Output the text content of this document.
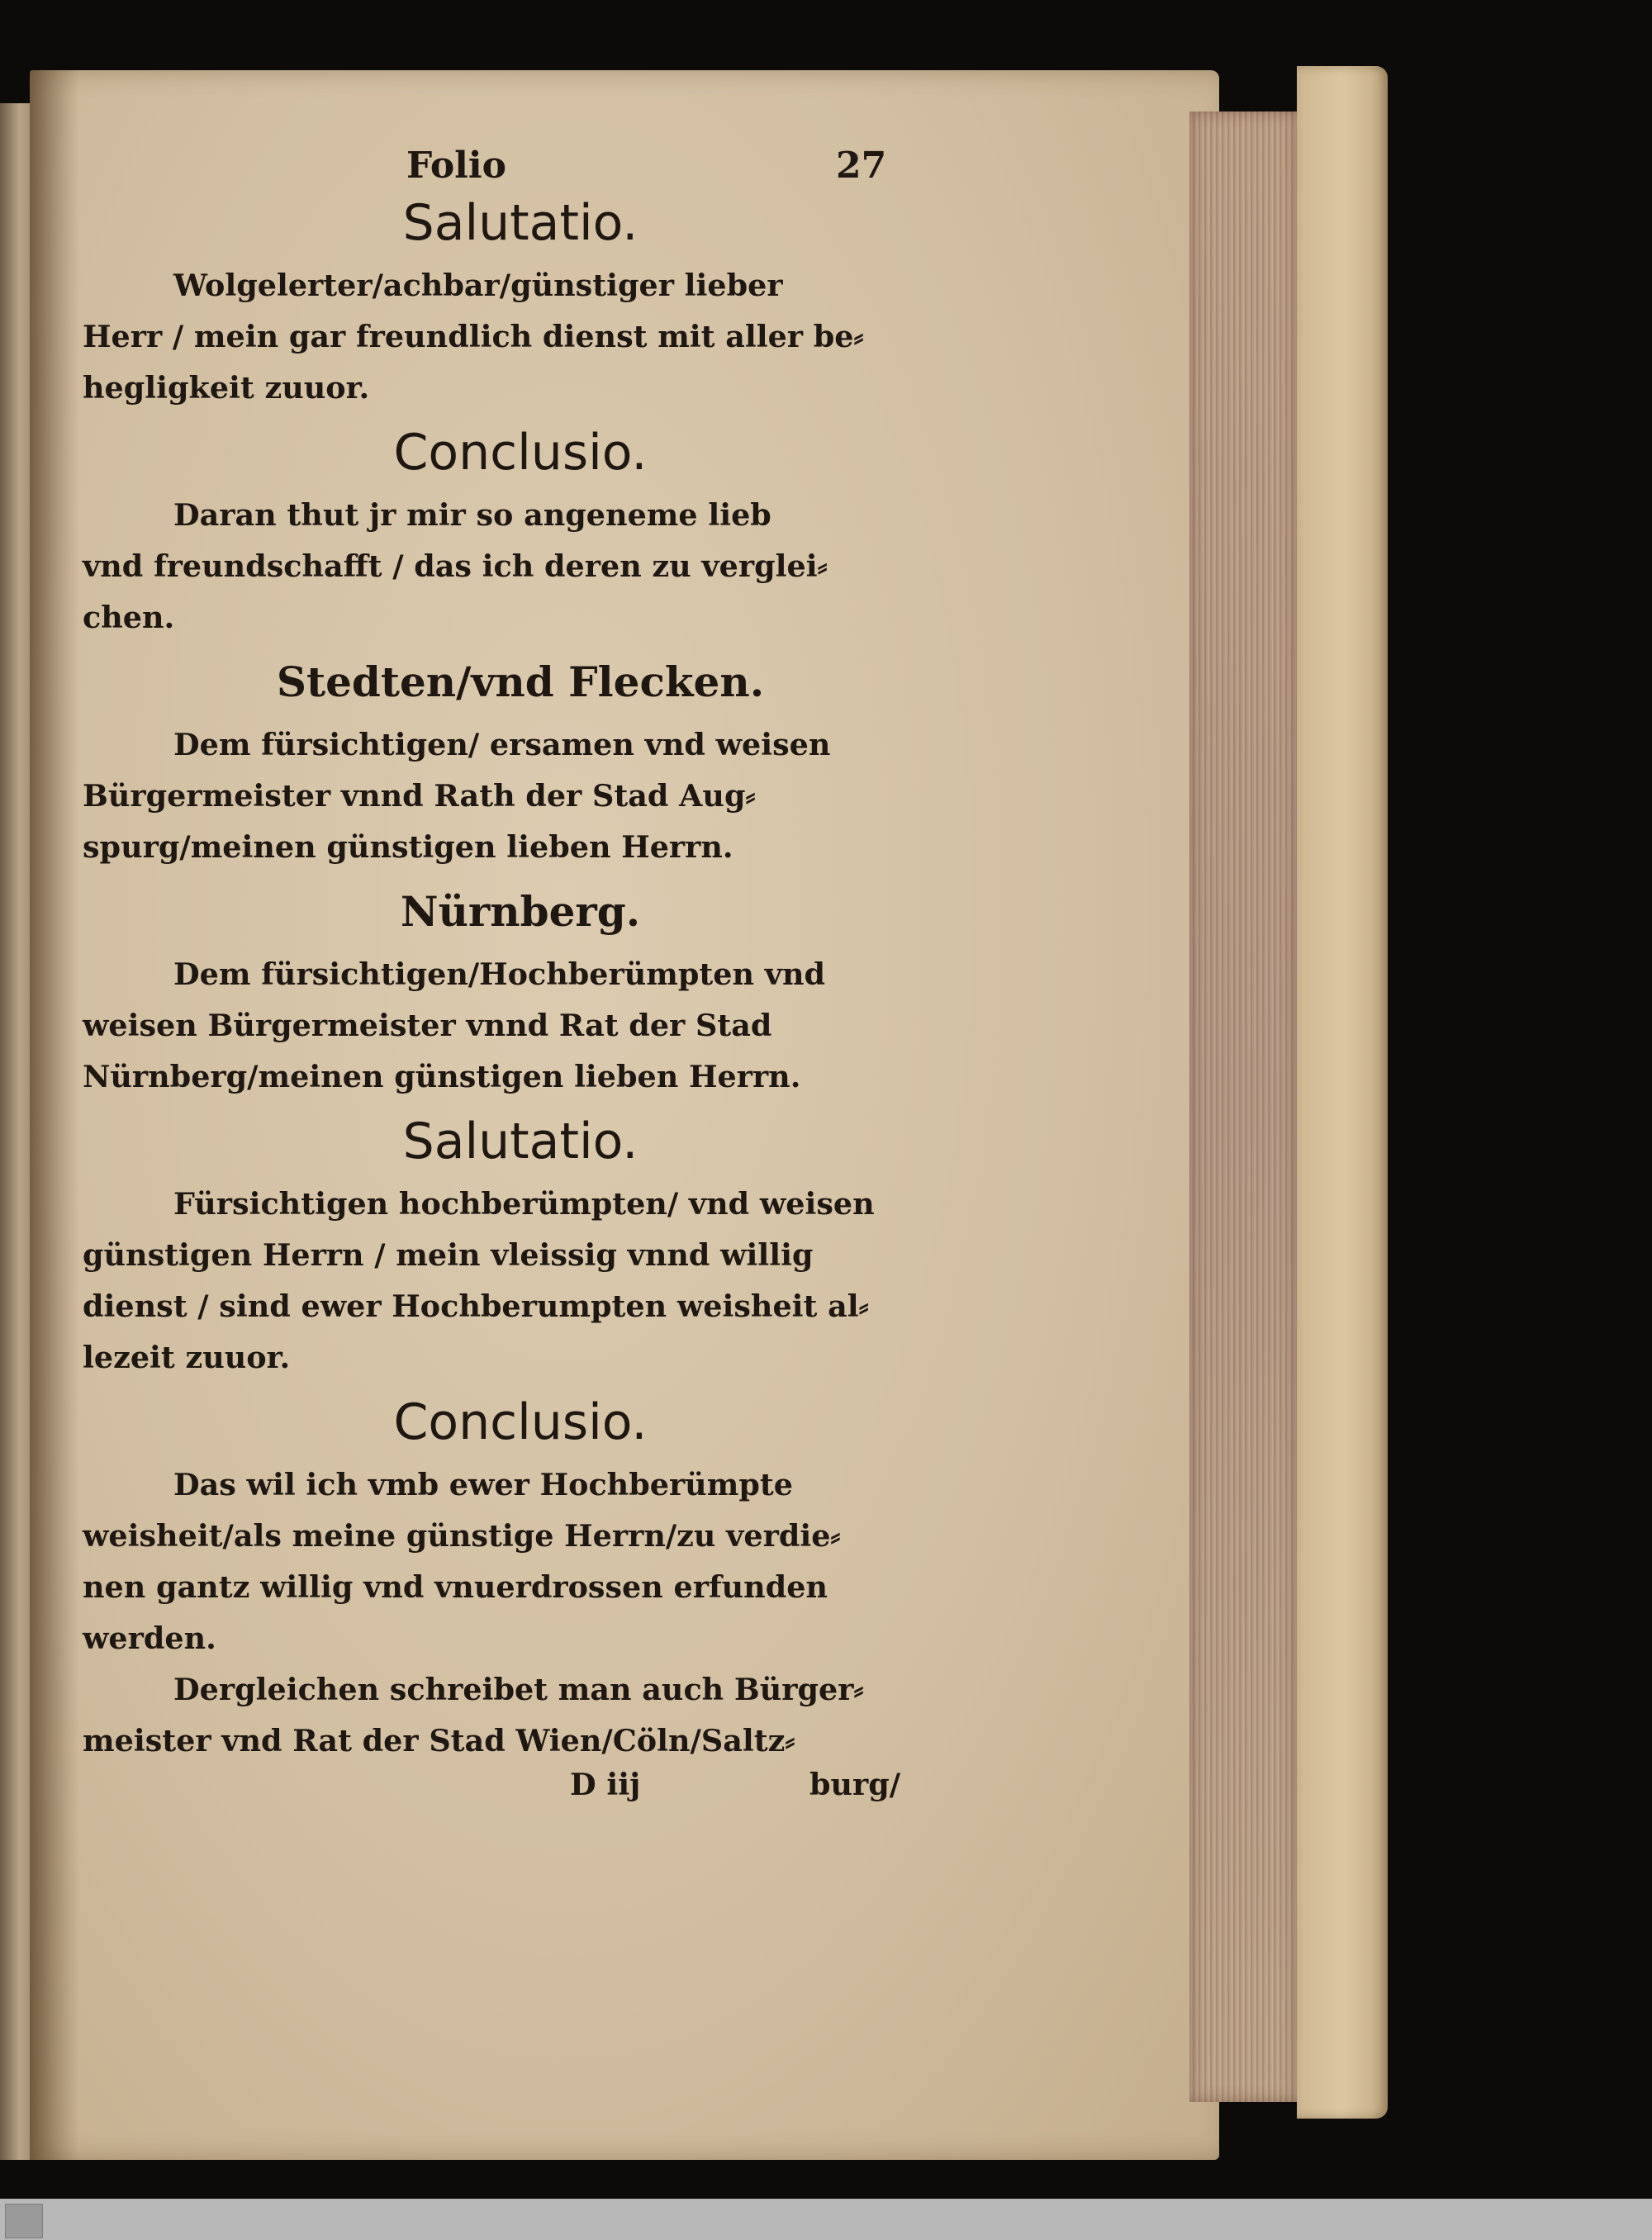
Folio	27
Salutatio.

Wolgelerter/achbar/günstiger lieber
Herr / mein gar freundlich dienst mit aller be⸗
hegligkeit zuuor.

Conclusio.

Daran thut jr mir so angeneme lieb
vnd freundschafft / das ich deren zu verglei⸗
chen.

Stedten/vnd Flecken.

Dem fürsichtigen/ ersamen vnd weisen
Bürgermeister vnnd Rath der Stad Aug⸗
spurg/meinen günstigen lieben Herrn.

Nürnberg.

Dem fürsichtigen/Hochberümpten vnd
weisen Bürgermeister vnnd Rat der Stad
Nürnberg/meinen günstigen lieben Herrn.

Salutatio.

Fürsichtigen hochberümpten/ vnd weisen
günstigen Herrn / mein vleissig vnnd willig
dienst / sind ewer Hochberumpten weisheit al⸗
lezeit zuuor.

Conclusio.

Das wil ich vmb ewer Hochberümpte
weisheit/als meine günstige Herrn/zu verdie⸗
nen gantz willig vnd vnuerdrossen erfunden
werden.

Dergleichen schreibet man auch Bürger⸗
meister vnd Rat der Stad Wien/Cöln/Saltz⸗

D iij	burg/
